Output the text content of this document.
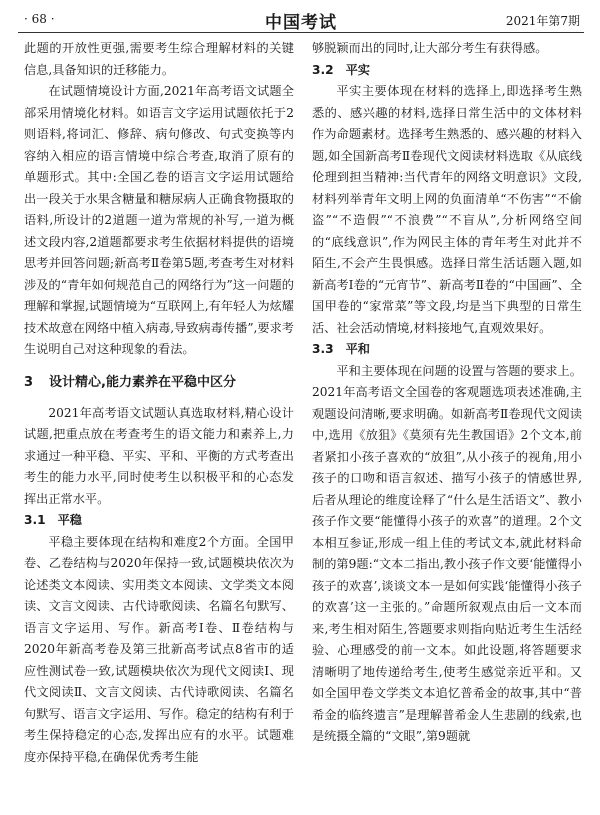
· 68 ·	中国考试	2021年第7期

此题的开放性更强,需要考生综合理解材料的关键信息,具备知识的迁移能力。

在试题情境设计方面,2021年高考语文试题全部采用情境化材料。如语言文字运用试题依托于2则语料,将词汇、修辞、病句修改、句式变换等内容纳入相应的语言情境中综合考查,取消了原有的单题形式。其中:全国乙卷的语言文字运用试题给出一段关于水果含糖量和糖尿病人正确食物摄取的语料,所设计的2道题一道为常规的补写,一道为概述文段内容,2道题都要求考生依据材料提供的语境思考并回答问题;新高考Ⅱ卷第5题,考查考生对材料涉及的“青年如何规范自己的网络行为”这一问题的理解和掌握,试题情境为“互联网上,有年轻人为炫耀技术故意在网络中植入病毒,导致病毒传播”,要求考生说明自己对这种现象的看法。

3 设计精心,能力素养在平稳中区分

2021年高考语文试题认真选取材料,精心设计试题,把重点放在考查考生的语文能力和素养上,力求通过一种平稳、平实、平和、平衡的方式考查出考生的能力水平,同时使考生以积极平和的心态发挥出正常水平。

3.1 平稳

平稳主要体现在结构和难度2个方面。全国甲卷、乙卷结构与2020年保持一致,试题模块依次为论述类文本阅读、实用类文本阅读、文学类文本阅读、文言文阅读、古代诗歌阅读、名篇名句默写、语言文字运用、写作。新高考Ⅰ卷、Ⅱ卷结构与2020年新高考卷及第三批新高考试点8省市的适应性测试卷一致,试题模块依次为现代文阅读Ⅰ、现代文阅读Ⅱ、文言文阅读、古代诗歌阅读、名篇名句默写、语言文字运用、写作。稳定的结构有利于考生保持稳定的心态,发挥出应有的水平。试题难度亦保持平稳,在确保优秀考生能

够脱颖而出的同时,让大部分考生有获得感。

3.2 平实

平实主要体现在材料的选择上,即选择考生熟悉的、感兴趣的材料,选择日常生活中的文体材料作为命题素材。选择考生熟悉的、感兴趣的材料入题,如全国新高考Ⅱ卷现代文阅读材料选取《从底线伦理到担当精神:当代青年的网络文明意识》文段,材料列举青年文明上网的负面清单“不伤害”“不偷盗”“不造假”“不浪费”“不盲从”,分析网络空间的“底线意识”,作为网民主体的青年考生对此并不陌生,不会产生畏惧感。选择日常生活话题入题,如新高考Ⅰ卷的“元宵节”、新高考Ⅱ卷的“中国画”、全国甲卷的“家常菜”等文段,均是当下典型的日常生活、社会活动情境,材料接地气,直观效果好。

3.3 平和

平和主要体现在问题的设置与答题的要求上。2021年高考语文全国卷的客观题选项表述准确,主观题设问清晰,要求明确。如新高考Ⅱ卷现代文阅读中,选用《放狙》《莫须有先生教国语》2个文本,前者紧扣小孩子喜欢的“放狙”,从小孩子的视角,用小孩子的口吻和语言叙述、描写小孩子的情感世界,后者从理论的维度诠释了“什么是生活语文”、教小孩子作文要“能懂得小孩子的欢喜”的道理。2个文本相互参证,形成一组上佳的考试文本,就此材料命制的第9题:“文本二指出,教小孩子作文要‘能懂得小孩子的欢喜’,谈谈文本一是如何实践‘能懂得小孩子的欢喜’这一主张的。”命题所叙观点由后一文本而来,考生相对陌生,答题要求则指向贴近考生生活经验、心理感受的前一文本。如此设题,将答题要求清晰明了地传递给考生,使考生感觉亲近平和。又如全国甲卷文学类文本追忆普希金的故事,其中“普希金的临终遗言”是理解普希金人生悲剧的线索,也是统摄全篇的“文眼”,第9题就
